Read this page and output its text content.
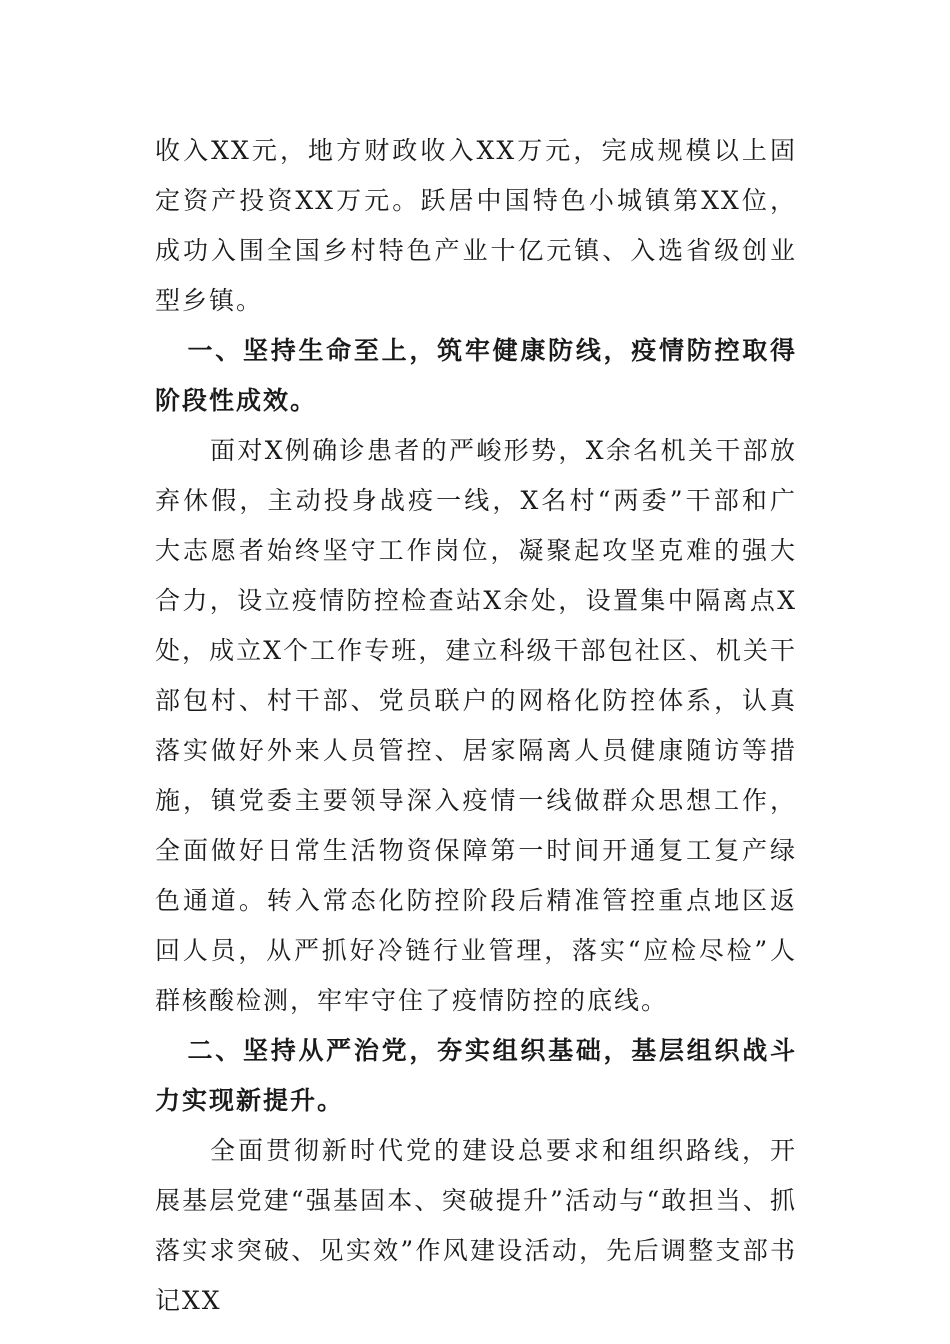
收入XX元，地方财政收入XX万元，完成规模以上固定资产投资XX万元。跃居中国特色小城镇第XX位，成功入围全国乡村特色产业十亿元镇、入选省级创业型乡镇。

一、坚持生命至上，筑牢健康防线，疫情防控取得阶段性成效。

面对X例确诊患者的严峻形势，X余名机关干部放弃休假，主动投身战疫一线，X名村“两委”干部和广大志愿者始终坚守工作岗位，凝聚起攻坚克难的强大合力，设立疫情防控检查站X余处，设置集中隔离点X处，成立X个工作专班，建立科级干部包社区、机关干部包村、村干部、党员联户的网格化防控体系，认真落实做好外来人员管控、居家隔离人员健康随访等措施，镇党委主要领导深入疫情一线做群众思想工作，全面做好日常生活物资保障第一时间开通复工复产绿色通道。转入常态化防控阶段后精准管控重点地区返回人员，从严抓好冷链行业管理，落实“应检尽检”人群核酸检测，牢牢守住了疫情防控的底线。

二、坚持从严治党，夯实组织基础，基层组织战斗力实现新提升。

全面贯彻新时代党的建设总要求和组织路线，开展基层党建“强基固本、突破提升”活动与“敢担当、抓落实求突破、见实效”作风建设活动，先后调整支部书记XX
